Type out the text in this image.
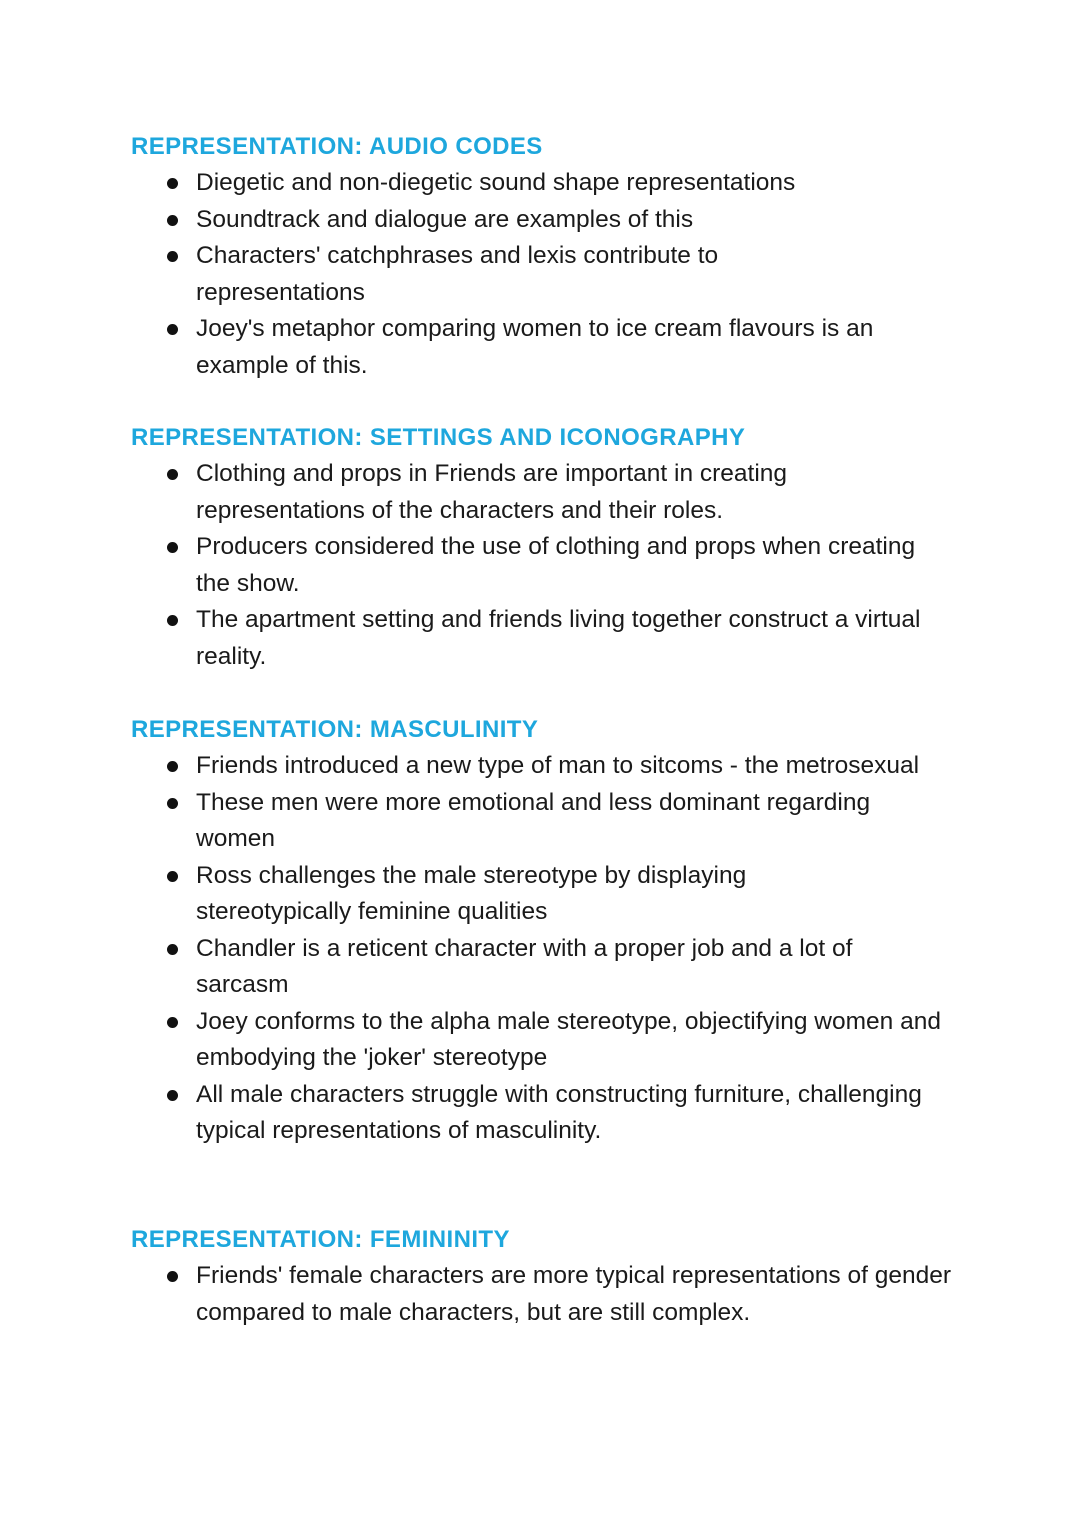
REPRESENTATION: AUDIO CODES
Diegetic and non-diegetic sound shape representations
Soundtrack and dialogue are examples of this
Characters' catchphrases and lexis contribute to representations
Joey's metaphor comparing women to ice cream flavours is an example of this.
REPRESENTATION: SETTINGS AND ICONOGRAPHY
Clothing and props in Friends are important in creating representations of the characters and their roles.
Producers considered the use of clothing and props when creating the show.
The apartment setting and friends living together construct a virtual reality.
REPRESENTATION: MASCULINITY
Friends introduced a new type of man to sitcoms - the metrosexual
These men were more emotional and less dominant regarding women
Ross challenges the male stereotype by displaying stereotypically feminine qualities
Chandler is a reticent character with a proper job and a lot of sarcasm
Joey conforms to the alpha male stereotype, objectifying women and embodying the 'joker' stereotype
All male characters struggle with constructing furniture, challenging typical representations of masculinity.
REPRESENTATION: FEMININITY
Friends' female characters are more typical representations of gender compared to male characters, but are still complex.
